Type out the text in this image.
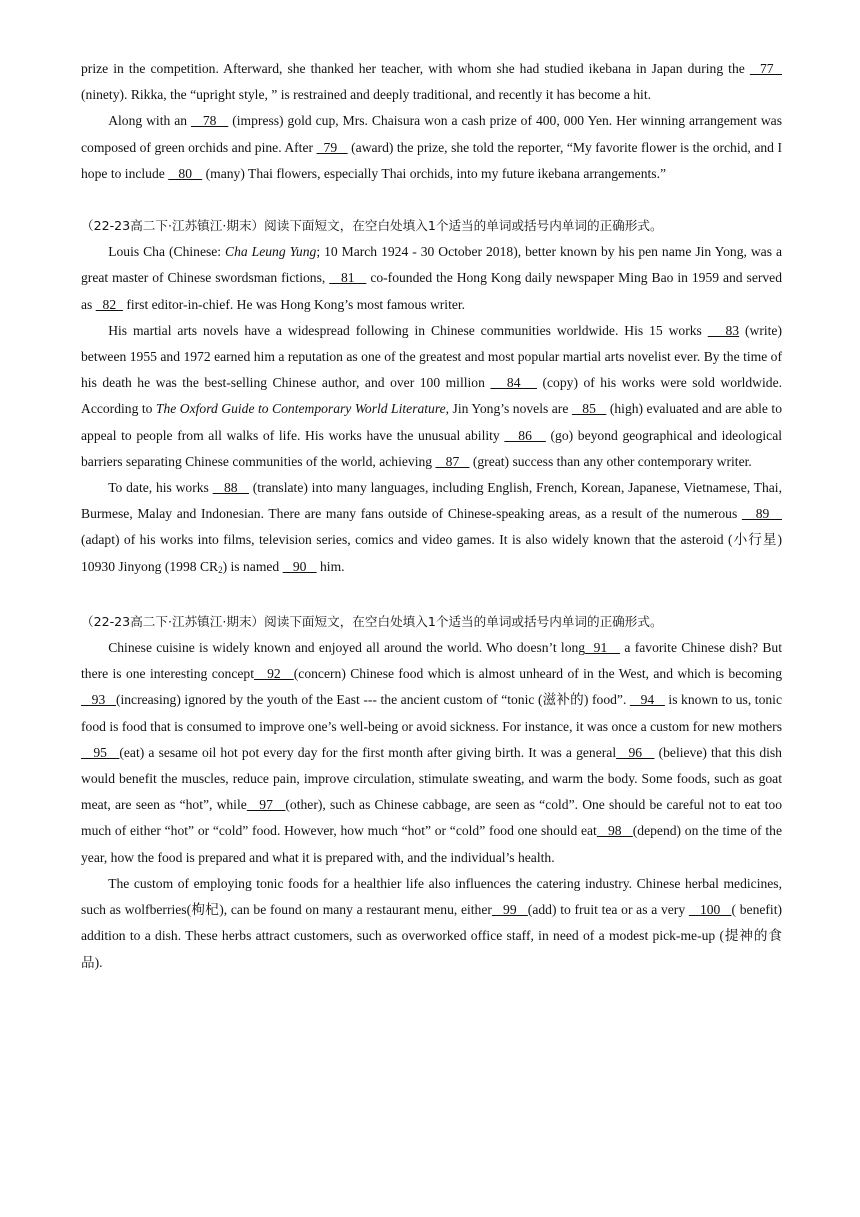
prize in the competition. Afterward, she thanked her teacher, with whom she had studied ikebana in Japan during the   77   (ninety). Rikka, the “upright style, ” is restrained and deeply traditional, and recently it has become a hit.

Along with an    78    (impress) gold cup, Mrs. Chaisura won a cash prize of 400, 000 Yen. Her winning arrangement was composed of green orchids and pine. After   79    (award) the prize, she told the reporter, “My favorite flower is the orchid, and I hope to include    80    (many) Thai flowers, especially Thai orchids, into my future ikebana arrangements.”

（22-23高二下·江苏镇江·期末）阅读下面短文，在空白处填入1个适当的单词或括号内单词的正确形式。

Louis Cha (Chinese: Cha Leung Yung; 10 March 1924 - 30 October 2018), better known by his pen name Jin Yong, was a great master of Chinese swordsman fictions,    81    co-founded the Hong Kong daily newspaper Ming Bao in 1959 and served as   82   first editor-in-chief. He was Hong Kong’s most famous writer.

His martial arts novels have a widespread following in Chinese communities worldwide. His 15 works    83 (write) between 1955 and 1972 earned him a reputation as one of the greatest and most popular martial arts novelist ever. By the time of his death he was the best-selling Chinese author, and over 100 million    84    (copy) of his works were sold worldwide. According to The Oxford Guide to Contemporary World Literature, Jin Yong’s novels are    85    (high) evaluated and are able to appeal to people from all walks of life. His works have the unusual ability    86    (go) beyond geographical and ideological barriers separating Chinese communities of the world, achieving    87    (great) success than any other contemporary writer.

To date, his works    88    (translate) into many languages, including English, French, Korean, Japanese, Vietnamese, Thai, Burmese, Malay and Indonesian. There are many fans outside of Chinese-speaking areas, as a result of the numerous    89    (adapt) of his works into films, television series, comics and video games. It is also widely known that the asteroid (小行星) 10930 Jinyong (1998 $CR_2$) is named    90    him.

（22-23高二下·江苏镇江·期末）阅读下面短文，在空白处填入1个适当的单词或括号内单词的正确形式。

Chinese cuisine is widely known and enjoyed all around the world. Who doesn’t long  91    a favorite Chinese dish? But there is one interesting concept   92   (concern) Chinese food which is almost unheard of in the West, and which is becoming   93   (increasing) ignored by the youth of the East --- the ancient custom of “tonic (滋补的) food”.    94    is known to us, tonic food is food that is consumed to improve one’s well-being or avoid sickness. For instance, it was once a custom for new mothers   95   (eat) a sesame oil hot pot every day for the first month after giving birth. It was a general   96    (believe) that this dish would benefit the muscles, reduce pain, improve circulation, stimulate sweating, and warm the body. Some foods, such as goat meat, are seen as “hot”, while   97   (other), such as Chinese cabbage, are seen as “cold”. One should be careful not to eat too much of either “hot” or “cold” food. However, how much “hot” or “cold” food one should eat   98   (depend) on the time of the year, how the food is prepared and what it is prepared with, and the individual’s health.

The custom of employing tonic foods for a healthier life also influences the catering industry. Chinese herbal medicines, such as wolfberries(枸杞), can be found on many a restaurant menu, either   99   (add) to fruit tea or as a very    100   ( benefit) addition to a dish. These herbs attract customers, such as overworked office staff, in need of a modest pick-me-up (提神的食品).
